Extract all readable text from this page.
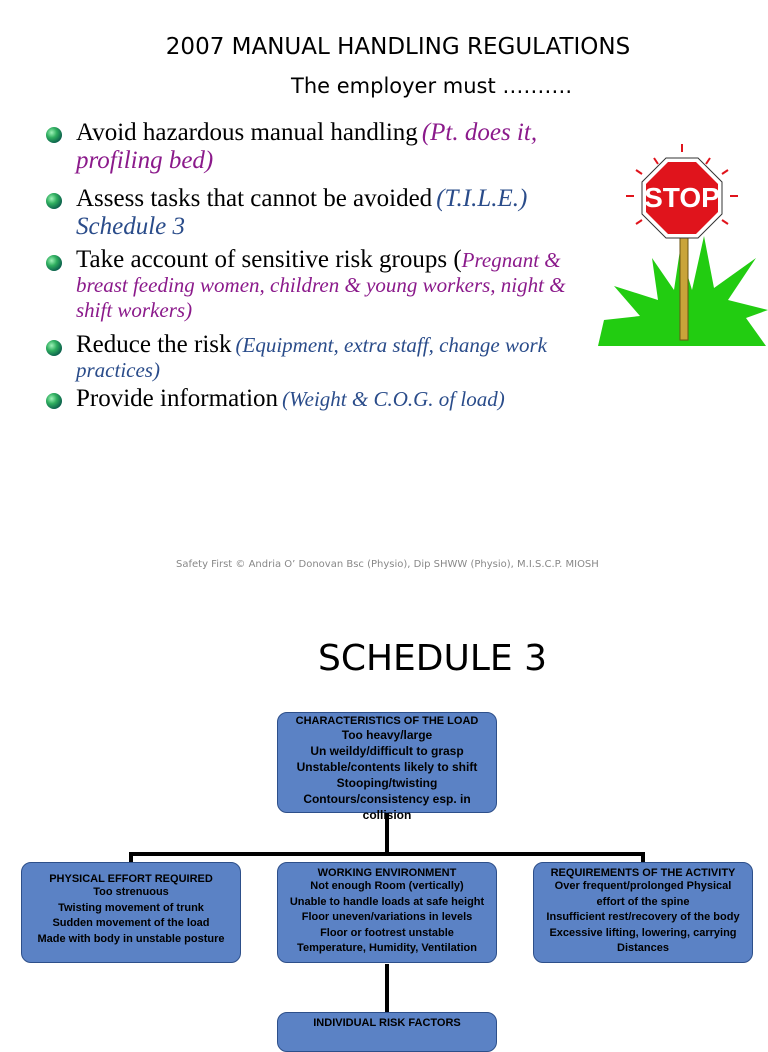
2007 MANUAL HANDLING REGULATIONS
The employer must ……….
Avoid hazardous manual handling (Pt. does it, profiling bed)
Assess tasks that cannot be avoided (T.I.L.E.) Schedule 3
Take account of sensitive risk groups (Pregnant & breast feeding women, children & young workers, night & shift workers)
Reduce the risk (Equipment, extra staff, change work practices)
Provide information (Weight & C.O.G. of load)
STOP
Safety First © Andria O’ Donovan Bsc (Physio), Dip SHWW (Physio), M.I.S.C.P. MIOSH
SCHEDULE 3
CHARACTERISTICS OF THE LOAD
Too heavy/large
Un weildy/difficult to grasp
Unstable/contents likely to shift
Stooping/twisting
Contours/consistency esp. in collision
PHYSICAL EFFORT REQUIRED
Too strenuous
Twisting movement of trunk
Sudden movement of the load
Made with body in unstable posture
WORKING ENVIRONMENT
Not enough Room (vertically)
Unable to handle loads at safe height
Floor uneven/variations in levels
Floor or footrest unstable
Temperature, Humidity, Ventilation
REQUIREMENTS OF THE ACTIVITY
Over frequent/prolonged Physical
effort of the spine
Insufficient rest/recovery of the body
Excessive lifting, lowering, carrying
Distances
INDIVIDUAL RISK FACTORS
